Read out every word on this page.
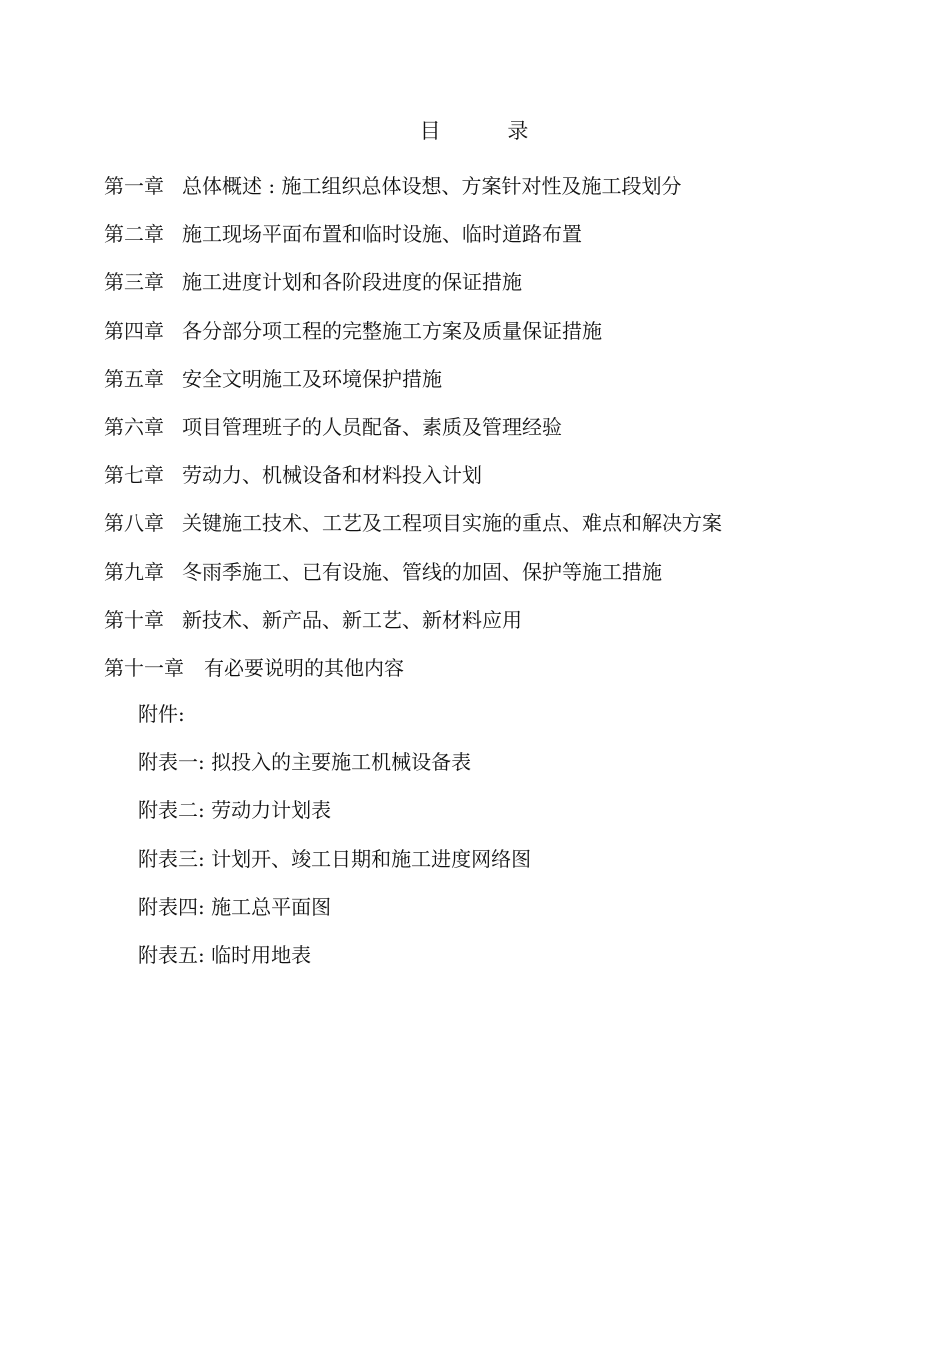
目 录
第一章 总体概述 : 施工组织总体设想、方案针对性及施工段划分
第二章 施工现场平面布置和临时设施、临时道路布置
第三章 施工进度计划和各阶段进度的保证措施
第四章 各分部分项工程的完整施工方案及质量保证措施
第五章 安全文明施工及环境保护措施
第六章 项目管理班子的人员配备、素质及管理经验
第七章 劳动力、机械设备和材料投入计划
第八章 关键施工技术、工艺及工程项目实施的重点、难点和解决方案
第九章 冬雨季施工、已有设施、管线的加固、保护等施工措施
第十章 新技术、新产品、新工艺、新材料应用
第十一章 有必要说明的其他内容
附件:
附表一: 拟投入的主要施工机械设备表
附表二: 劳动力计划表
附表三: 计划开、竣工日期和施工进度网络图
附表四: 施工总平面图
附表五: 临时用地表
